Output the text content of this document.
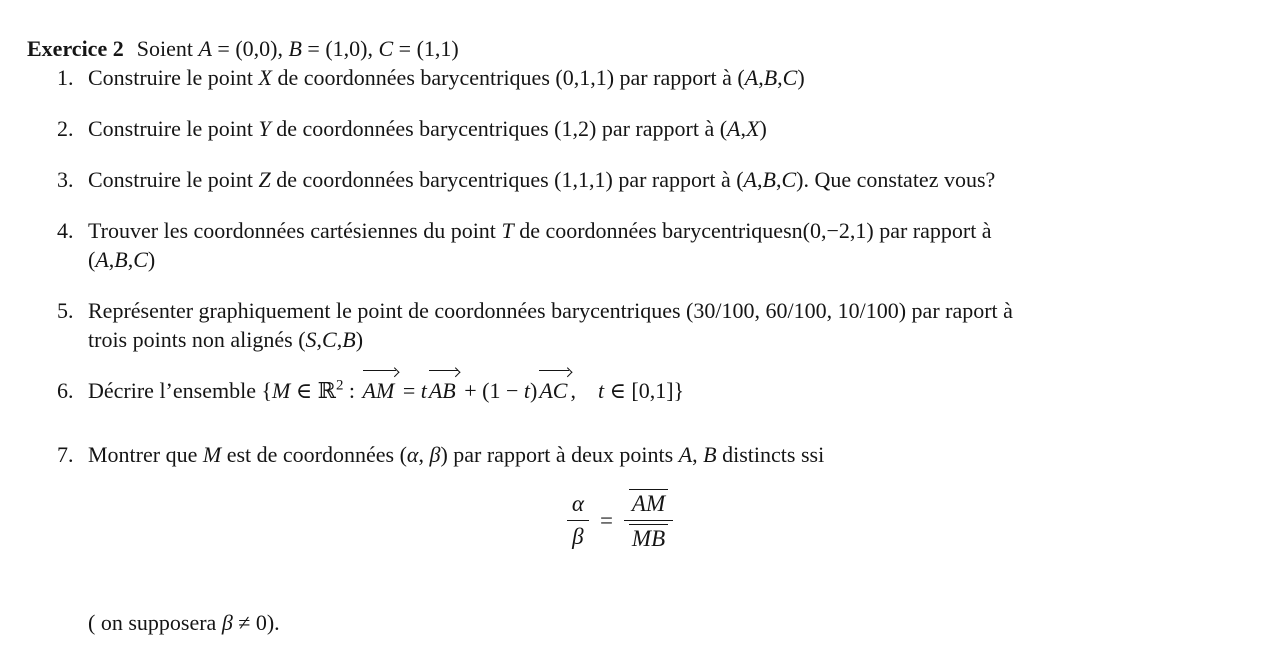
Exercice 2 Soient A = (0,0), B = (1,0), C = (1,1)

1. Construire le point X de coordonnées barycentriques (0,1,1) par rapport à (A,B,C)
2. Construire le point Y de coordonnées barycentriques (1,2) par rapport à (A,X)
3. Construire le point Z de coordonnées barycentriques (1,1,1) par rapport à (A,B,C). Que constatez vous?
4. Trouver les coordonnées cartésiennes du point T de coordonnées barycentriquesn(0,−2,1) par rapport à
(A,B,C)
5. Représenter graphiquement le point de coordonnées barycentriques (30/100, 60/100, 10/100) par raport à
trois points non alignés (S,C,B)
6. Décrire l’ensemble {M ∈ ℝ$^2$ :
AM = t
AB + (1 − t)
AC ,    t ∈ [0,1]}
7. Montrer que M est de coordonnées (α, β) par rapport à deux points A, B distincts ssi
$\frac{\alpha}{\beta} = \frac{AM}{MB}$

( on supposera β ≠ 0).
